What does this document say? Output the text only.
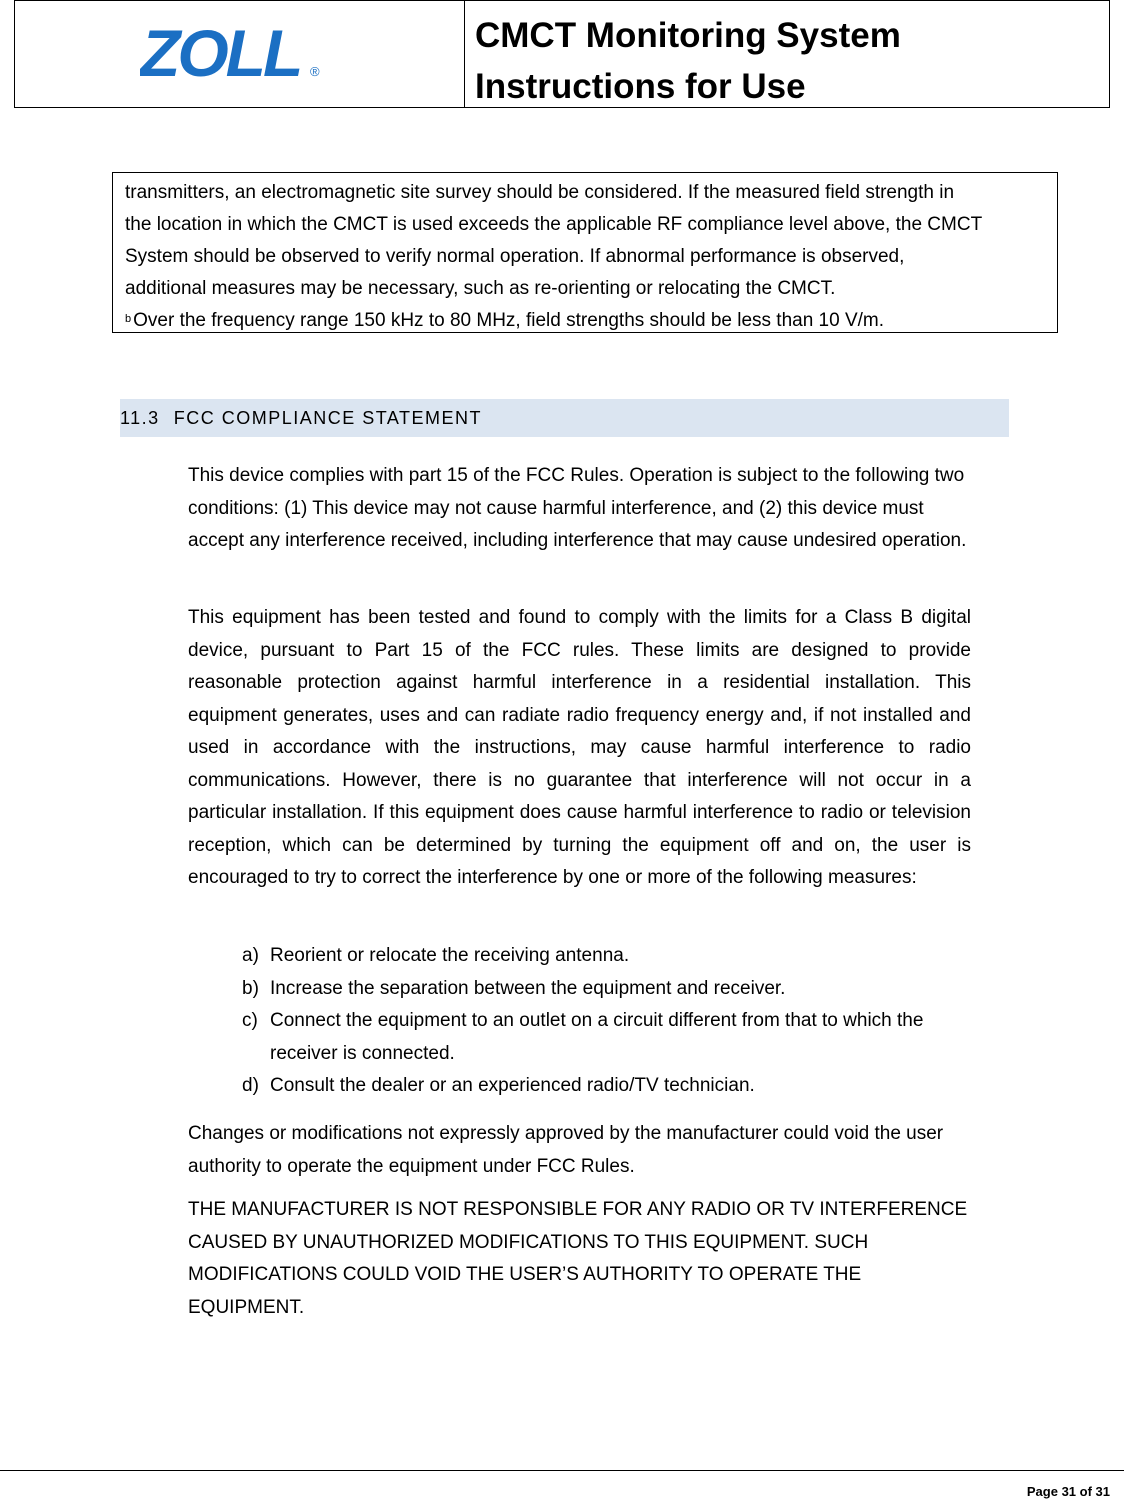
ZOLL ®
CMCT Monitoring System
Instructions for Use

transmitters, an electromagnetic site survey should be considered. If the measured field strength in

the location in which the CMCT is used exceeds the applicable RF compliance level above, the CMCT

System should be observed to verify normal operation. If abnormal performance is observed,

additional measures may be necessary, such as re-orienting or relocating the CMCT.

$^b$ Over the frequency range 150 kHz to 80 MHz, field strengths should be less than 10 V/m.

11.3 FCC COMPLIANCE STATEMENT

This device complies with part 15 of the FCC Rules. Operation is subject to the following two conditions: (1) This device may not cause harmful interference, and (2) this device must accept any interference received, including interference that may cause undesired operation.

This equipment has been tested and found to comply with the limits for a Class B digital device, pursuant to Part 15 of the FCC rules. These limits are designed to provide reasonable protection against harmful interference in a residential installation. This equipment generates, uses and can radiate radio frequency energy and, if not installed and used in accordance with the instructions, may cause harmful interference to radio communications. However, there is no guarantee that interference will not occur in a particular installation. If this equipment does cause harmful interference to radio or television reception, which can be determined by turning the equipment off and on, the user is encouraged to try to correct the interference by one or more of the following measures:

a) Reorient or relocate the receiving antenna.
b) Increase the separation between the equipment and receiver.
c) Connect the equipment to an outlet on a circuit different from that to which the receiver is connected.
d) Consult the dealer or an experienced radio/TV technician.

Changes or modifications not expressly approved by the manufacturer could void the user authority to operate the equipment under FCC Rules.

THE MANUFACTURER IS NOT RESPONSIBLE FOR ANY RADIO OR TV INTERFERENCE CAUSED BY UNAUTHORIZED MODIFICATIONS TO THIS EQUIPMENT. SUCH MODIFICATIONS COULD VOID THE USER’S AUTHORITY TO OPERATE THE EQUIPMENT.

Page 31 of 31
